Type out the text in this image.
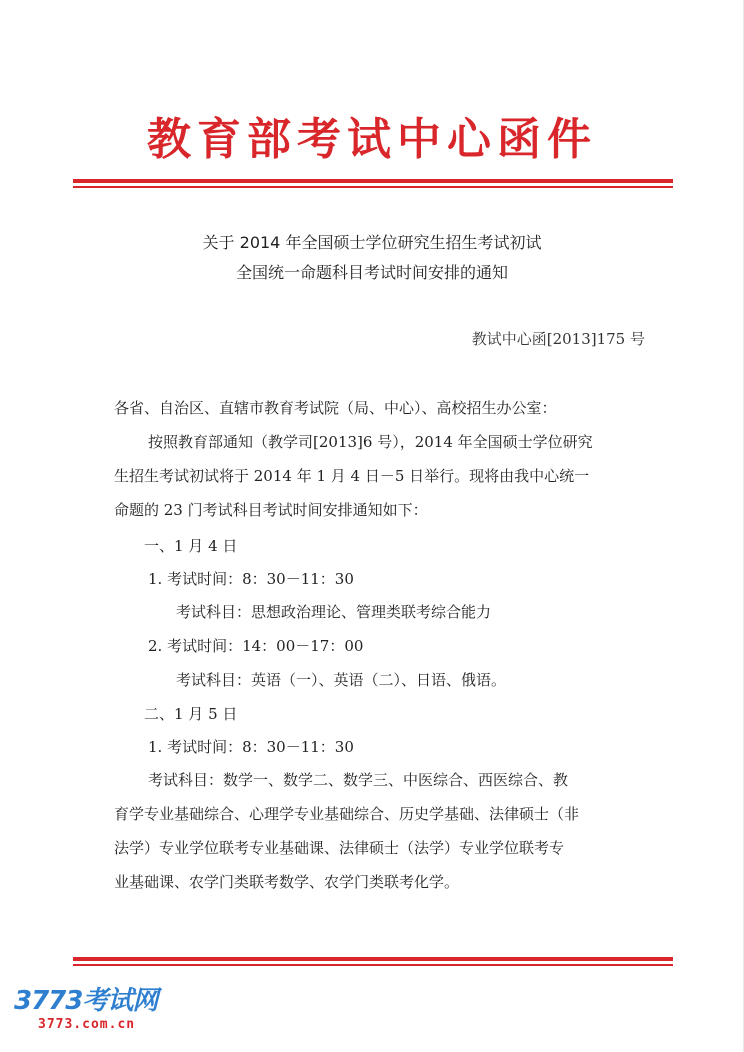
教育部考试中心函件
关于 2014 年全国硕士学位研究生招生考试初试
全国统一命题科目考试时间安排的通知
教试中心函[2013]175 号
各省、自治区、直辖市教育考试院（局、中心）、高校招生办公室：
按照教育部通知（教学司[2013]6 号），2014 年全国硕士学位研究
生招生考试初试将于 2014 年 1 月 4 日－5 日举行。现将由我中心统一
命题的 23 门考试科目考试时间安排通知如下：
一、1 月 4 日
1. 考试时间：8：30－11：30
考试科目：思想政治理论、管理类联考综合能力
2. 考试时间：14：00－17：00
考试科目：英语（一）、英语（二）、日语、俄语。
二、1 月 5 日
1. 考试时间：8：30－11：30
考试科目：数学一、数学二、数学三、中医综合、西医综合、教
育学专业基础综合、心理学专业基础综合、历史学基础、法律硕士（非
法学）专业学位联考专业基础课、法律硕士（法学）专业学位联考专
业基础课、农学门类联考数学、农学门类联考化学。
3773考试网
3773.com.cn
